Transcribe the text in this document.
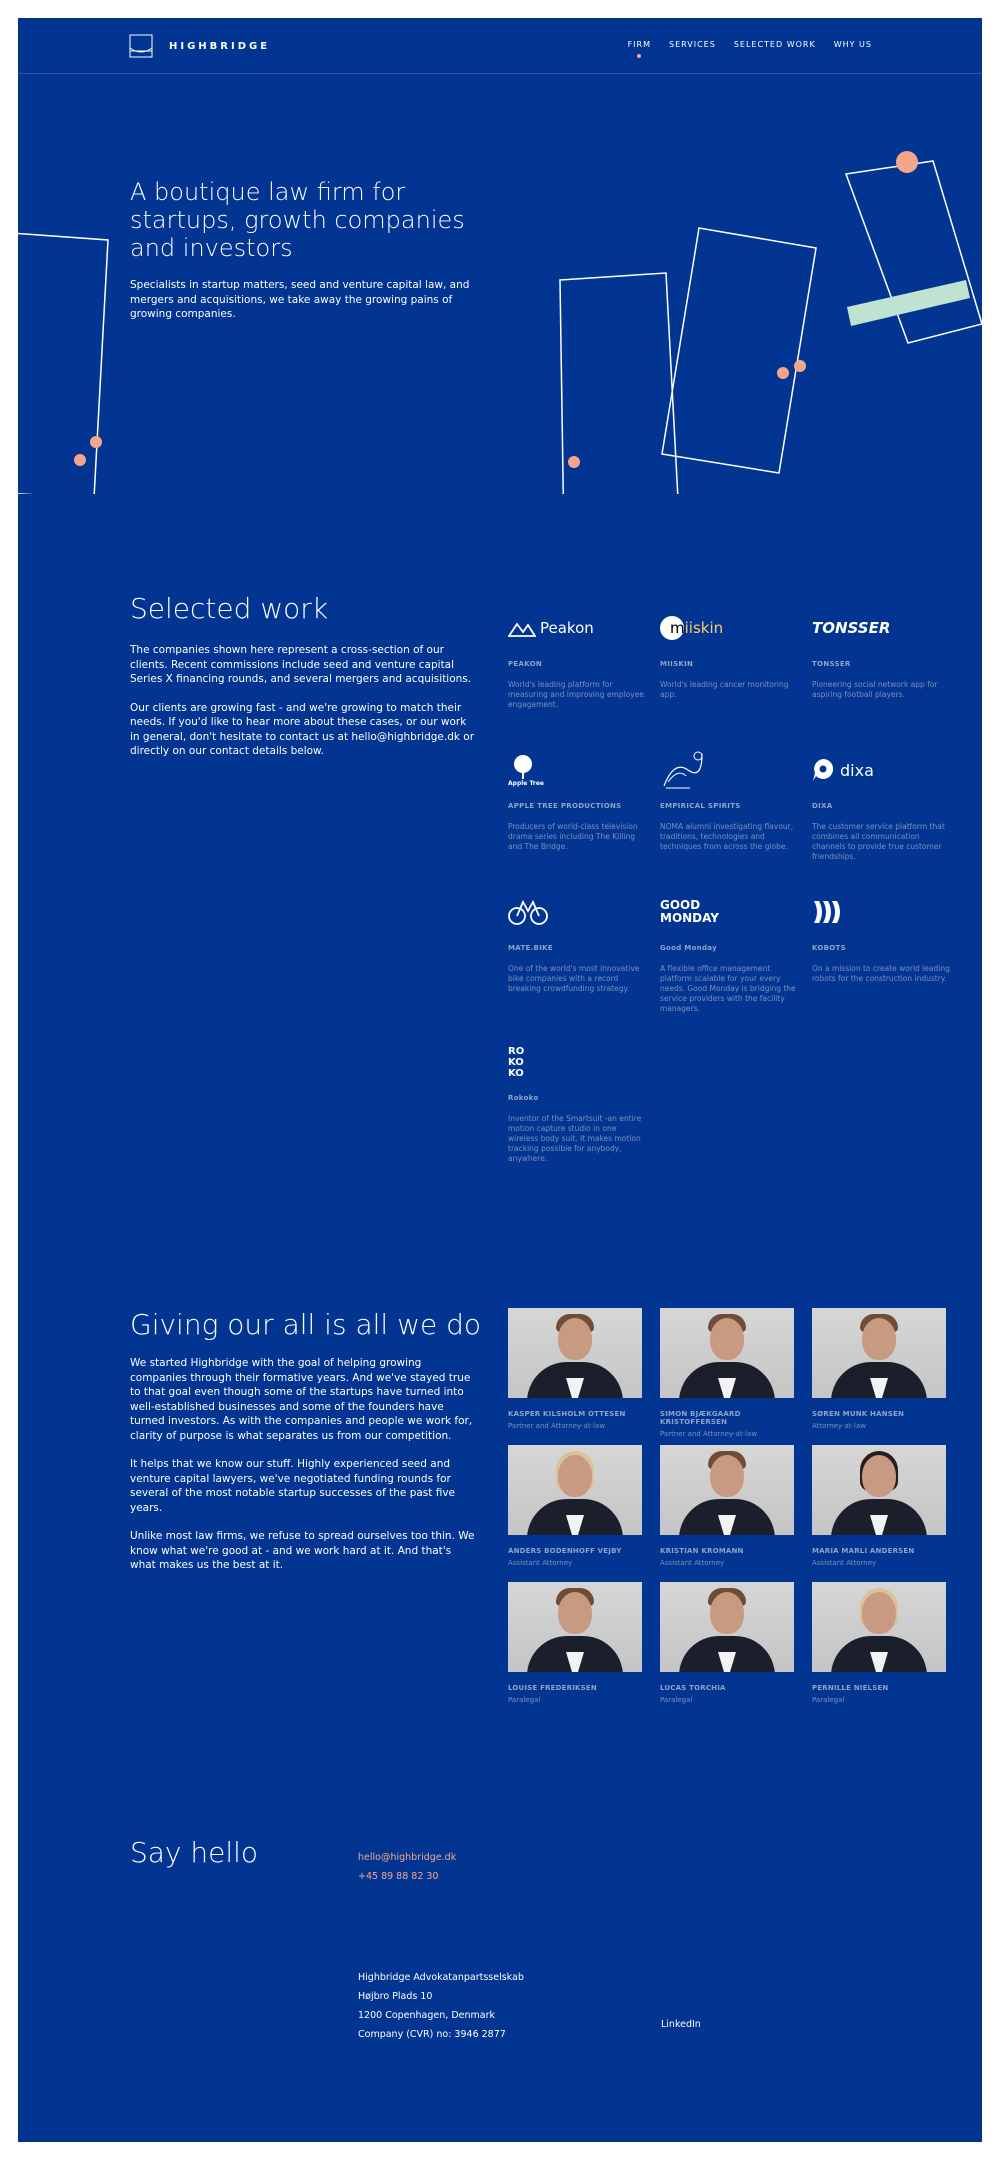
HIGHBRIDGE	FIRM SERVICES SELECTED WORK WHY US
A boutique law firm for startups, growth companies and investors

Specialists in startup matters, seed and venture capital law, and mergers and acquisitions, we take away the growing pains of growing companies.

Selected work

The companies shown here represent a cross-section of our clients. Recent commissions include seed and venture capital Series X financing rounds, and several mergers and acquisitions.

Our clients are growing fast - and we're growing to match their needs. If you'd like to hear more about these cases, or our work in general, don't hesitate to contact us at hello@highbridge.dk or directly on our contact details below.

Peakon
PEAKON
World's leading platform for measuring and improving employee engagement.
miiskin
MIISKIN
World's leading cancer monitoring app.
TONSSER
TONSSER
Pioneering social network app for aspiring football players.
Apple Tree
APPLE TREE PRODUCTIONS
Producers of world-class television drama series including The Killing and The Bridge.
EMPIRICAL SPIRITS
NOMA alumni investigating flavour, traditions, technologies and techniques from across the globe.
dixa
DIXA
The customer service platform that combines all communication channels to provide true customer friendships.
MATE.BIKE
One of the world's most innovative bike companies with a record breaking crowdfunding strategy.
GOOD MONDAY
Good Monday
A flexible office management platform scalable for your every needs. Good Monday is bridging the service providers with the facility managers.
KOBOTS
On a mission to create world leading robots for the construction industry.
RO KO KO
Rokoko
Inventor of the Smartsuit -an entire motion capture studio in one wireless body suit. It makes motion tracking possible for anybody, anywhere.
Giving our all is all we do

We started Highbridge with the goal of helping growing companies through their formative years. And we've stayed true to that goal even though some of the startups have turned into well-established businesses and some of the founders have turned investors. As with the companies and people we work for, clarity of purpose is what separates us from our competition.

It helps that we know our stuff. Highly experienced seed and venture capital lawyers, we've negotiated funding rounds for several of the most notable startup successes of the past five years.

Unlike most law firms, we refuse to spread ourselves too thin. We know what we're good at - and we work hard at it. And that's what makes us the best at it.

KASPER KILSHOLM OTTESEN
Partner and Attorney-at-law
SIMON BJÆKGAARD KRISTOFFERSEN
Partner and Attorney-at-law
SØREN MUNK HANSEN
Attorney-at-law
ANDERS BODENHOFF VEJBY
Assistant Attorney
KRISTIAN KROMANN
Assistant Attorney
MARIA MARLI ANDERSEN
Assistant Attorney
LOUISE FREDERIKSEN
Paralegal
LUCAS TORCHIA
Paralegal
PERNILLE NIELSEN
Paralegal
Say hello	hello@highbridge.dk
+45 89 88 82 30
Highbridge Advokatanpartsselskab
Højbro Plads 10
1200 Copenhagen, Denmark
Company (CVR) no: 3946 2877
LinkedIn
